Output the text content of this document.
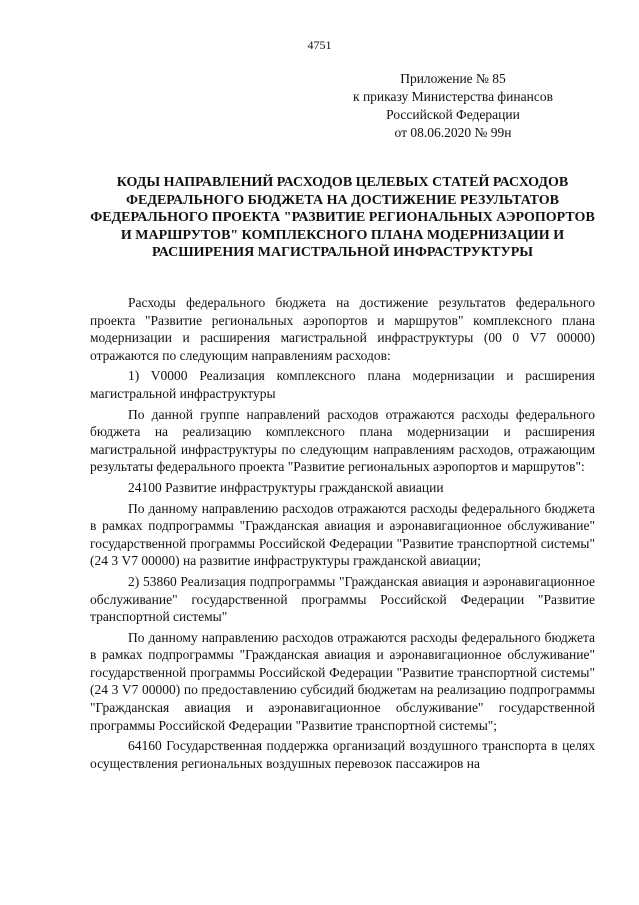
4751
Приложение № 85
к приказу Министерства финансов
Российской Федерации
от 08.06.2020 № 99н
КОДЫ НАПРАВЛЕНИЙ РАСХОДОВ ЦЕЛЕВЫХ СТАТЕЙ РАСХОДОВ ФЕДЕРАЛЬНОГО БЮДЖЕТА НА ДОСТИЖЕНИЕ РЕЗУЛЬТАТОВ ФЕДЕРАЛЬНОГО ПРОЕКТА "РАЗВИТИЕ РЕГИОНАЛЬНЫХ АЭРОПОРТОВ И МАРШРУТОВ" КОМПЛЕКСНОГО ПЛАНА МОДЕРНИЗАЦИИ И РАСШИРЕНИЯ МАГИСТРАЛЬНОЙ ИНФРАСТРУКТУРЫ

Расходы федерального бюджета на достижение результатов федерального проекта "Развитие региональных аэропортов и маршрутов" комплексного плана модернизации и расширения магистральной инфраструктуры (00 0 V7 00000) отражаются по следующим направлениям расходов:

1) V0000 Реализация комплексного плана модернизации и расширения магистральной инфраструктуры

По данной группе направлений расходов отражаются расходы федерального бюджета на реализацию комплексного плана модернизации и расширения магистральной инфраструктуры по следующим направлениям расходов, отражающим результаты федерального проекта "Развитие региональных аэропортов и маршрутов":

24100 Развитие инфраструктуры гражданской авиации

По данному направлению расходов отражаются расходы федерального бюджета в рамках подпрограммы "Гражданская авиация и аэронавигационное обслуживание" государственной программы Российской Федерации "Развитие транспортной системы" (24 3 V7 00000) на развитие инфраструктуры гражданской авиации;

2) 53860 Реализация подпрограммы "Гражданская авиация и аэронавигационное обслуживание" государственной программы Российской Федерации "Развитие транспортной системы"

По данному направлению расходов отражаются расходы федерального бюджета в рамках подпрограммы "Гражданская авиация и аэронавигационное обслуживание" государственной программы Российской Федерации "Развитие транспортной системы" (24 3 V7 00000) по предоставлению субсидий бюджетам на реализацию подпрограммы "Гражданская авиация и аэронавигационное обслуживание" государственной программы Российской Федерации "Развитие транспортной системы";

64160 Государственная поддержка организаций воздушного транспорта в целях осуществления региональных воздушных перевозок пассажиров на
